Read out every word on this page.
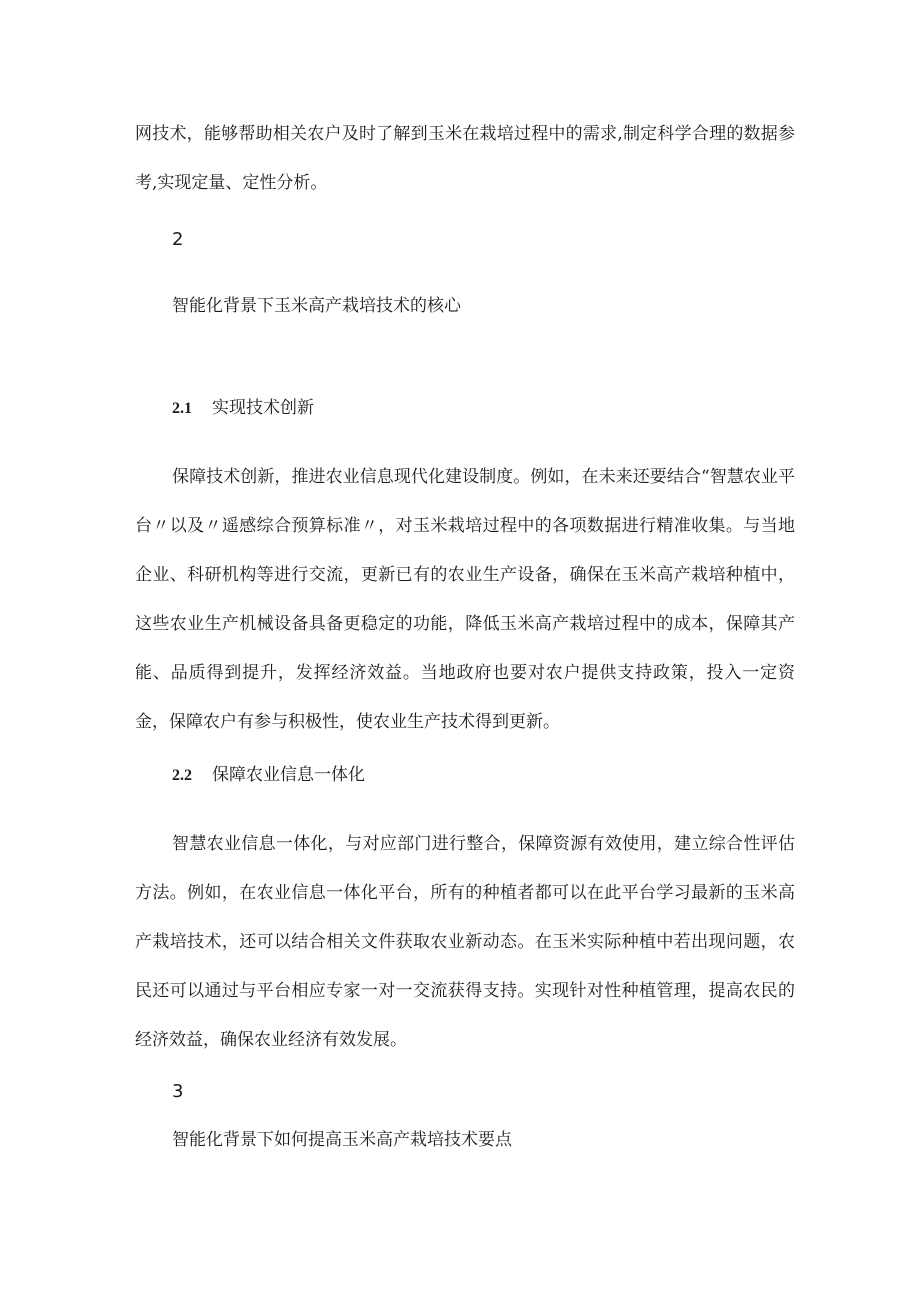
网技术，能够帮助相关农户及时了解到玉米在栽培过程中的需求,制定科学合理的数据参考,实现定量、定性分析。

2

智能化背景下玉米高产栽培技术的核心

2.1 实现技术创新

保障技术创新，推进农业信息现代化建设制度。例如，在未来还要结合“智慧农业平台〃以及〃遥感综合预算标准〃，对玉米栽培过程中的各项数据进行精准收集。与当地企业、科研机构等进行交流，更新已有的农业生产设备，确保在玉米高产栽培种植中，这些农业生产机械设备具备更稳定的功能，降低玉米高产栽培过程中的成本，保障其产能、品质得到提升，发挥经济效益。当地政府也要对农户提供支持政策，投入一定资金，保障农户有参与积极性，使农业生产技术得到更新。

2.2 保障农业信息一体化

智慧农业信息一体化，与对应部门进行整合，保障资源有效使用，建立综合性评估方法。例如，在农业信息一体化平台，所有的种植者都可以在此平台学习最新的玉米高产栽培技术，还可以结合相关文件获取农业新动态。在玉米实际种植中若出现问题，农民还可以通过与平台相应专家一对一交流获得支持。实现针对性种植管理，提高农民的经济效益，确保农业经济有效发展。

3

智能化背景下如何提高玉米高产栽培技术要点
